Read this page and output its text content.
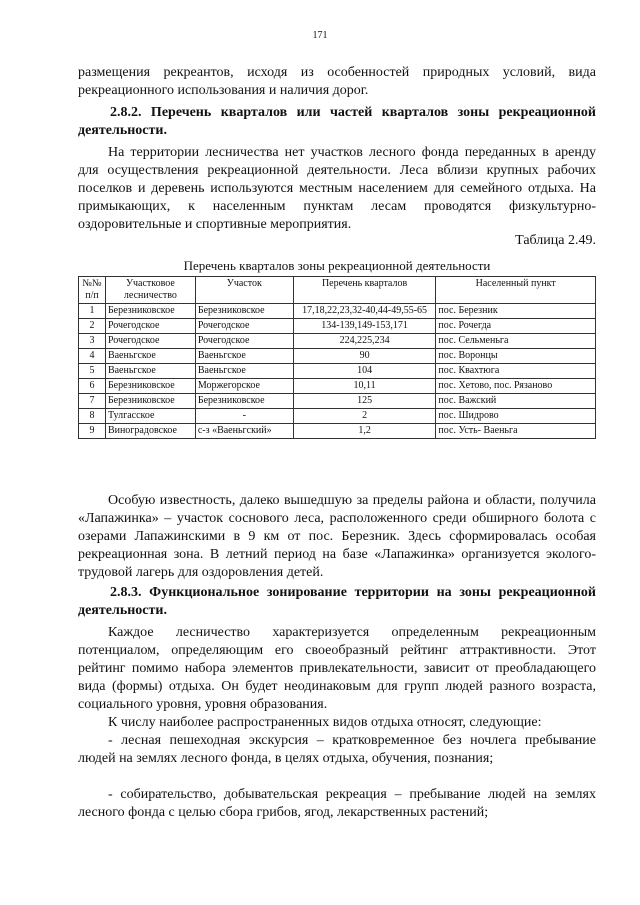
171

размещения рекреантов, исходя из особенностей природных условий, вида рекреационного использования и наличия дорог.

2.8.2. Перечень кварталов или частей кварталов зоны рекреационной деятельности.

На территории лесничества нет участков лесного фонда переданных в аренду для осуществления рекреационной деятельности. Леса вблизи крупных рабочих поселков и деревень используются местным населением для семейного отдыха. На примыкающих, к населенным пунктам лесам проводятся физкультурно-оздоровительные и спортивные мероприятия.

Таблица 2.49.
Перечень кварталов зоны рекреационной деятельности
№№ п/п	Участковое лесничество	Участок	Перечень кварталов	Населенный пункт
1	Березниковское	Березниковское	17,18,22,23,32-40,44-49,55-65	пос. Березник
2	Рочегодское	Рочегодское	134-139,149-153,171	пос. Рочегда
3	Рочегодское	Рочегодское	224,225,234	пос. Сельменьга
4	Ваеньгское	Ваеньгское	90	пос. Воронцы
5	Ваеньгское	Ваеньгское	104	пос. Квахтюга
6	Березниковское	Моржегорское	10,11	пос. Хетово, пос. Рязаново
7	Березниковское	Березниковское	125	пос. Важский
8	Тулгасское	-	2	пос. Шидрово
9	Виноградовское	с-з «Ваеньгский»	1,2	пос. Усть- Ваеньга

Особую известность, далеко вышедшую за пределы района и области, получила «Лапажинка» – участок соснового леса, расположенного среди обширного болота с озерами Лапажинскими в 9 км от пос. Березник. Здесь сформировалась особая рекреационная зона. В летний период на базе «Лапажинка» организуется эколого-трудовой лагерь для оздоровления детей.

2.8.3. Функциональное зонирование территории на зоны рекреационной деятельности.

Каждое лесничество характеризуется определенным рекреационным потенциалом, определяющим его своеобразный рейтинг аттрактивности. Этот рейтинг помимо набора элементов привлекательности, зависит от преобладающего вида (формы) отдыха. Он будет неодинаковым для групп людей разного возраста, социального уровня, уровня образования.

К числу наиболее распространенных видов отдыха относят, следующие:

- лесная пешеходная экскурсия – кратковременное без ночлега пребывание людей на землях лесного фонда, в целях отдыха, обучения, познания;

- собирательство, добывательская рекреация – пребывание людей на землях лесного фонда с целью сбора грибов, ягод, лекарственных растений;
